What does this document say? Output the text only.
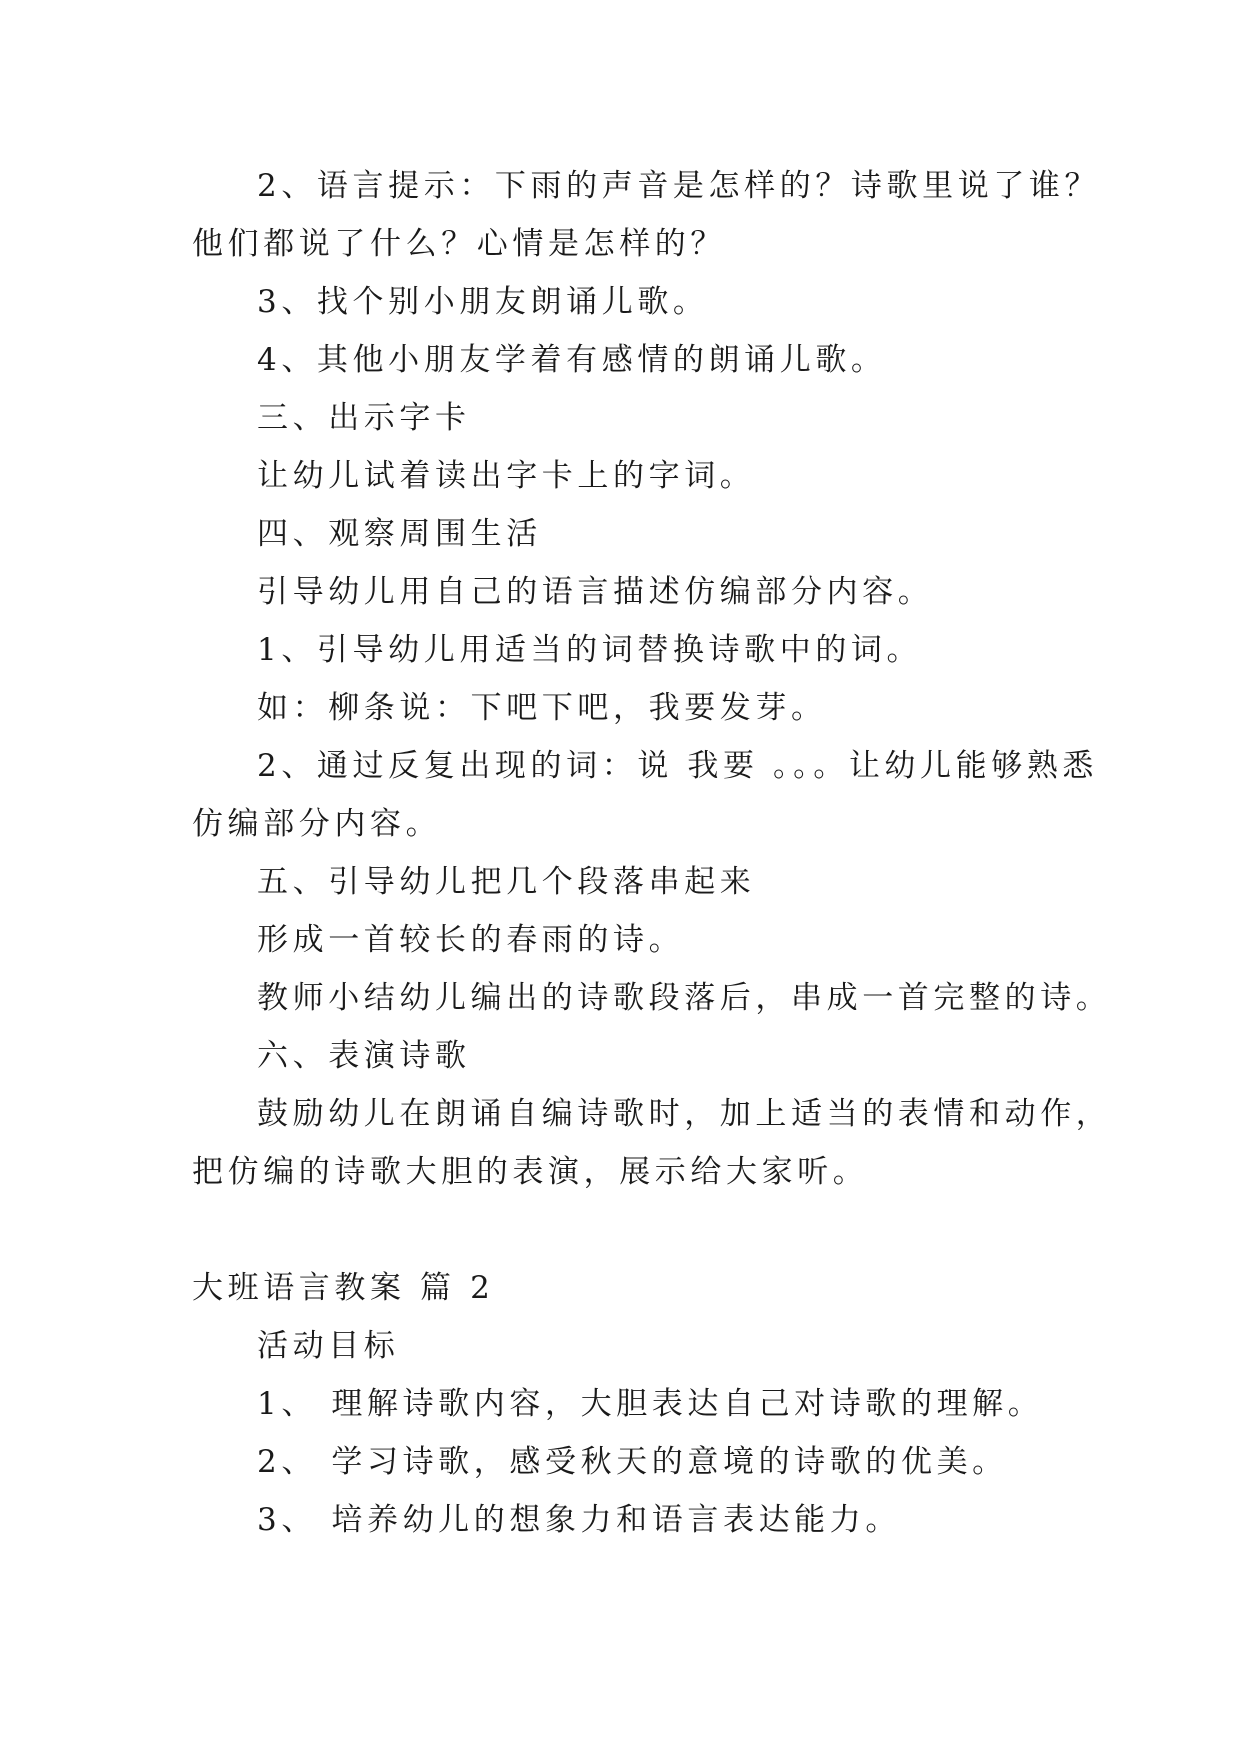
2、语言提示：下雨的声音是怎样的？诗歌里说了谁？
他们都说了什么？心情是怎样的？
3、找个别小朋友朗诵儿歌。
4、其他小朋友学着有感情的朗诵儿歌。
三、出示字卡
让幼儿试着读出字卡上的字词。
四、观察周围生活
引导幼儿用自己的语言描述仿编部分内容。
1、引导幼儿用适当的词替换诗歌中的词。
如：柳条说：下吧下吧，我要发芽。
2、通过反复出现的词：说 我要 。。。让幼儿能够熟悉
仿编部分内容。
五、引导幼儿把几个段落串起来
形成一首较长的春雨的诗。
教师小结幼儿编出的诗歌段落后，串成一首完整的诗。
六、表演诗歌
鼓励幼儿在朗诵自编诗歌时，加上适当的表情和动作，
把仿编的诗歌大胆的表演，展示给大家听。
大班语言教案 篇 2
活动目标
1、 理解诗歌内容，大胆表达自己对诗歌的理解。
2、 学习诗歌，感受秋天的意境的诗歌的优美。
3、 培养幼儿的想象力和语言表达能力。
